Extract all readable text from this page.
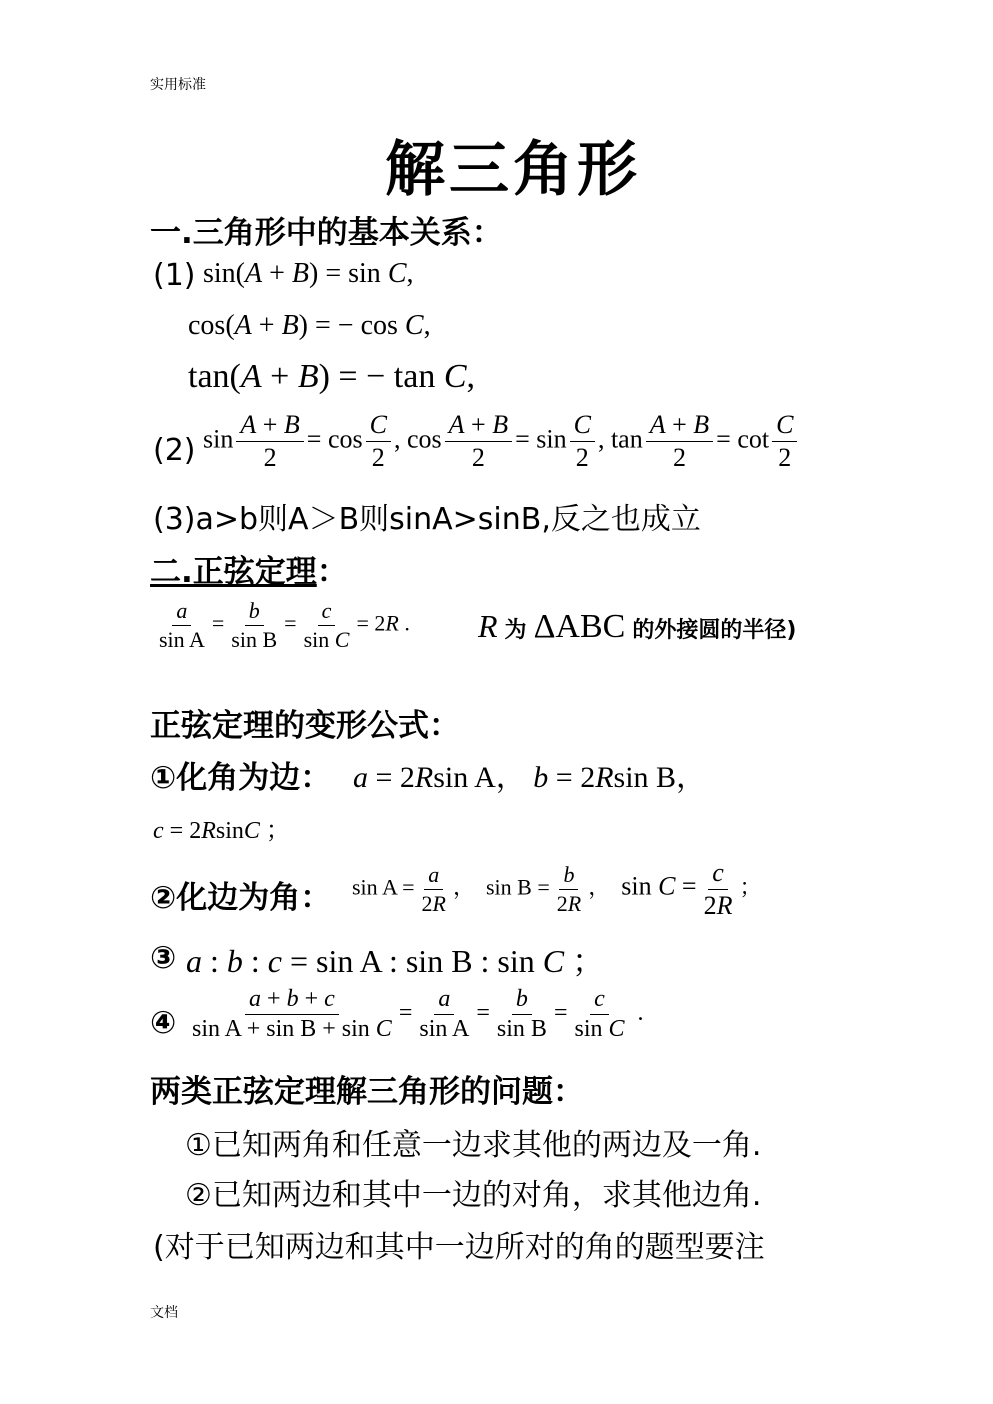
实用标准
解三角形
一.三角形中的基本关系：
(1) sin(A + B) = sin C,
cos(A + B) = − cos C,
tan(A + B) = − tan C,
(2) $\sin \frac{A + B}{2} = \cos \frac{C}{2}$ , $\cos \frac{A + B}{2} = \sin \frac{C}{2}$ , $\tan \frac{A + B}{2} = \cot \frac{C}{2}$
(3)a>b则A＞B则sinA>sinB,反之也成立
二.正弦定理：
$\frac{a}{\text{sin A}} = \frac{b}{\text{sin B}} = \frac{c}{\text{sin C}} = 2R$ . R 为 ΔABC 的外接圆的半径)
正弦定理的变形公式：
①化角为边： a = 2Rsin A， b = 2Rsin B，
c = 2RsinC ；
②化边为角： $\sin A = \frac{a}{2R}$ ，  $\sin B = \frac{b}{2R}$ ，  $\sin C = \frac{c}{2R}$ ；
③ a : b : c = sin A : sin B : sin C ；
④ $\frac{a + b + c}{\text{sin A + sin B + sin C}} = \frac{a}{\text{sin A}} = \frac{b}{\text{sin B}} = \frac{c}{\text{sin C}}$ .
两类正弦定理解三角形的问题：
①已知两角和任意一边求其他的两边及一角.
②已知两边和其中一边的对角，求其他边角.
(对于已知两边和其中一边所对的角的题型要注
文档
